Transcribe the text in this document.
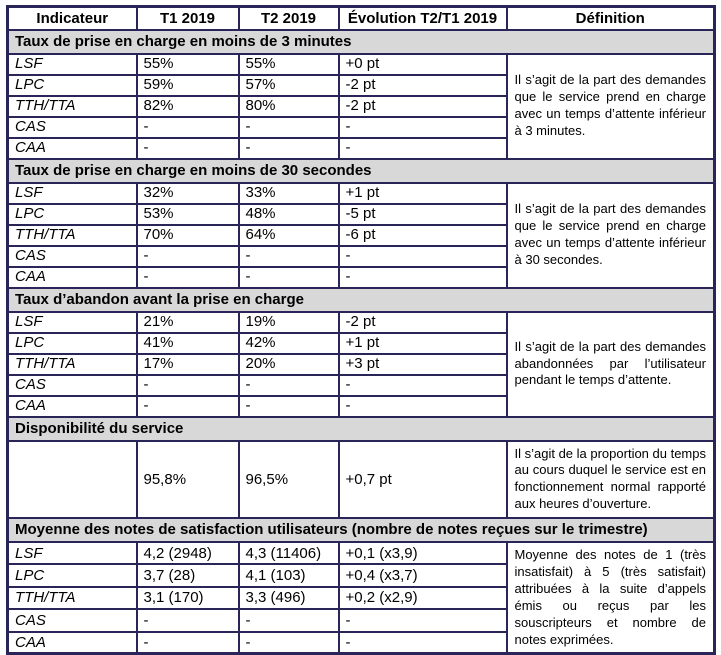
Indicateur	T1 2019	T2 2019	Évolution T2/T1 2019	Définition
Taux de prise en charge en moins de 3 minutes				
LSF	55%	55%	+0 pt	Il s’agit de la part des demandes que le service prend en charge avec un temps d’attente inférieur à 3 minutes.
LPC	59%	57%	-2 pt	
TTH/TTA	82%	80%	-2 pt	
CAS	-	-	-	
CAA	-	-	-	
Taux de prise en charge en moins de 30 secondes				
LSF	32%	33%	+1 pt	Il s’agit de la part des demandes que le service prend en charge avec un temps d’attente inférieur à 30 secondes.
LPC	53%	48%	-5 pt	
TTH/TTA	70%	64%	-6 pt	
CAS	-	-	-	
CAA	-	-	-	
Taux d’abandon avant la prise en charge				
LSF	21%	19%	-2 pt	Il s’agit de la part des demandes abandonnées par l’utilisateur pendant le temps d’attente.
LPC	41%	42%	+1 pt	
TTH/TTA	17%	20%	+3 pt	
CAS	-	-	-	
CAA	-	-	-	
Disponibilité du service				
	95,8%	96,5%	+0,7 pt	Il s’agit de la proportion du temps au cours duquel le service est en fonctionnement normal rapporté aux heures d’ouverture.
Moyenne des notes de satisfaction utilisateurs (nombre de notes reçues sur le trimestre)				
LSF	4,2 (2948)	4,3 (11406)	+0,1 (x3,9)	Moyenne des notes de 1 (très insatisfait) à 5 (très satisfait) attribuées à la suite d’appels émis ou reçus par les souscripteurs et nombre de notes exprimées.
LPC	3,7 (28)	4,1 (103)	+0,4 (x3,7)	
TTH/TTA	3,1 (170)	3,3 (496)	+0,2 (x2,9)	
CAS	-	-	-	
CAA	-	-	-	
